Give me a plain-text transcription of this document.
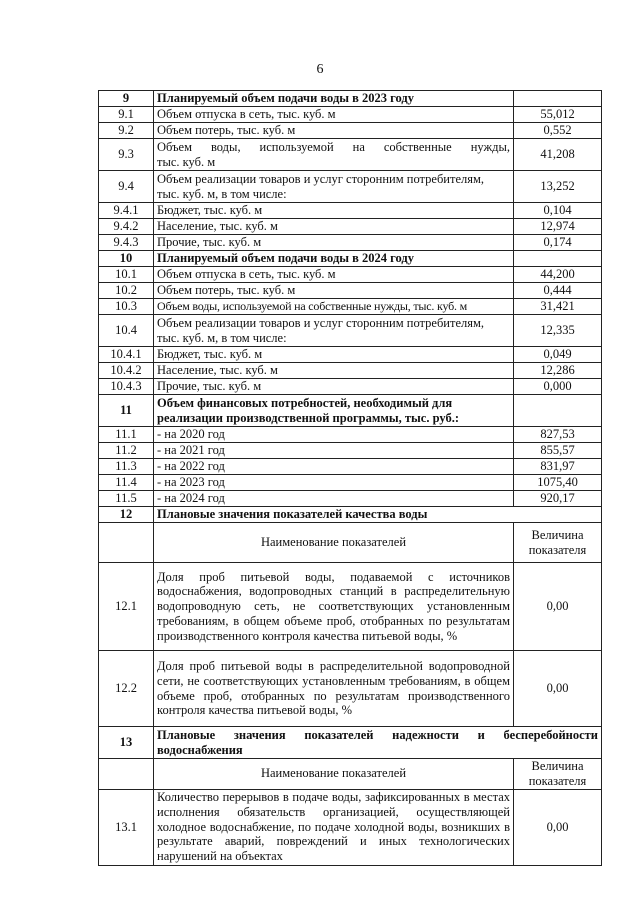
6
9	Планируемый объем подачи воды в 2023 году	
9.1	Объем отпуска в сеть, тыс. куб. м	55,012
9.2	Объем потерь, тыс. куб. м	0,552
9.3	Объем воды, используемой на собственные нужды,
тыс. куб. м	41,208
9.4	Объем реализации товаров и услуг сторонним потребителям,
тыс. куб. м, в том числе:	13,252
9.4.1	Бюджет, тыс. куб. м	0,104
9.4.2	Население, тыс. куб. м	12,974
9.4.3	Прочие, тыс. куб. м	0,174
10	Планируемый объем подачи воды в 2024 году	
10.1	Объем отпуска в сеть, тыс. куб. м	44,200
10.2	Объем потерь, тыс. куб. м	0,444
10.3	Объем воды, используемой на собственные нужды, тыс. куб. м	31,421
10.4	Объем реализации товаров и услуг сторонним потребителям,
тыс. куб. м, в том числе:	12,335
10.4.1	Бюджет, тыс. куб. м	0,049
10.4.2	Население, тыс. куб. м	12,286
10.4.3	Прочие, тыс. куб. м	0,000
11	Объем финансовых потребностей, необходимый для
реализации производственной программы, тыс. руб.:	

11.1	- на 2020 год	827,53
11.2	- на 2021 год	855,57
11.3	- на 2022 год	831,97
11.4	- на 2023 год	1075,40
11.5	- на 2024 год	920,17
12	Плановые значения показателей качества воды	
	Наименование показателей	Величина
показателя

12.1	Доля проб питьевой воды, подаваемой с источников водоснабжения, водопроводных станций в распределительную водопроводную сеть, не соответствующих установленным требованиям, в общем объеме проб, отобранных по результатам производственного контроля качества питьевой воды, %	0,00
12.2	Доля проб питьевой воды в распределительной водопроводной сети, не соответствующих установленным требованиям, в общем объеме проб, отобранных по результатам производственного контроля качества питьевой воды, %	0,00
13	Плановые значения показателей надежности и бесперебойности водоснабжения	
	Наименование показателей	Величина
показателя

13.1	Количество перерывов в подаче воды, зафиксированных в местах исполнения обязательств организацией, осуществляющей холодное водоснабжение, по подаче холодной воды, возникших в результате аварий, повреждений и иных технологических нарушений на объектах	0,00
